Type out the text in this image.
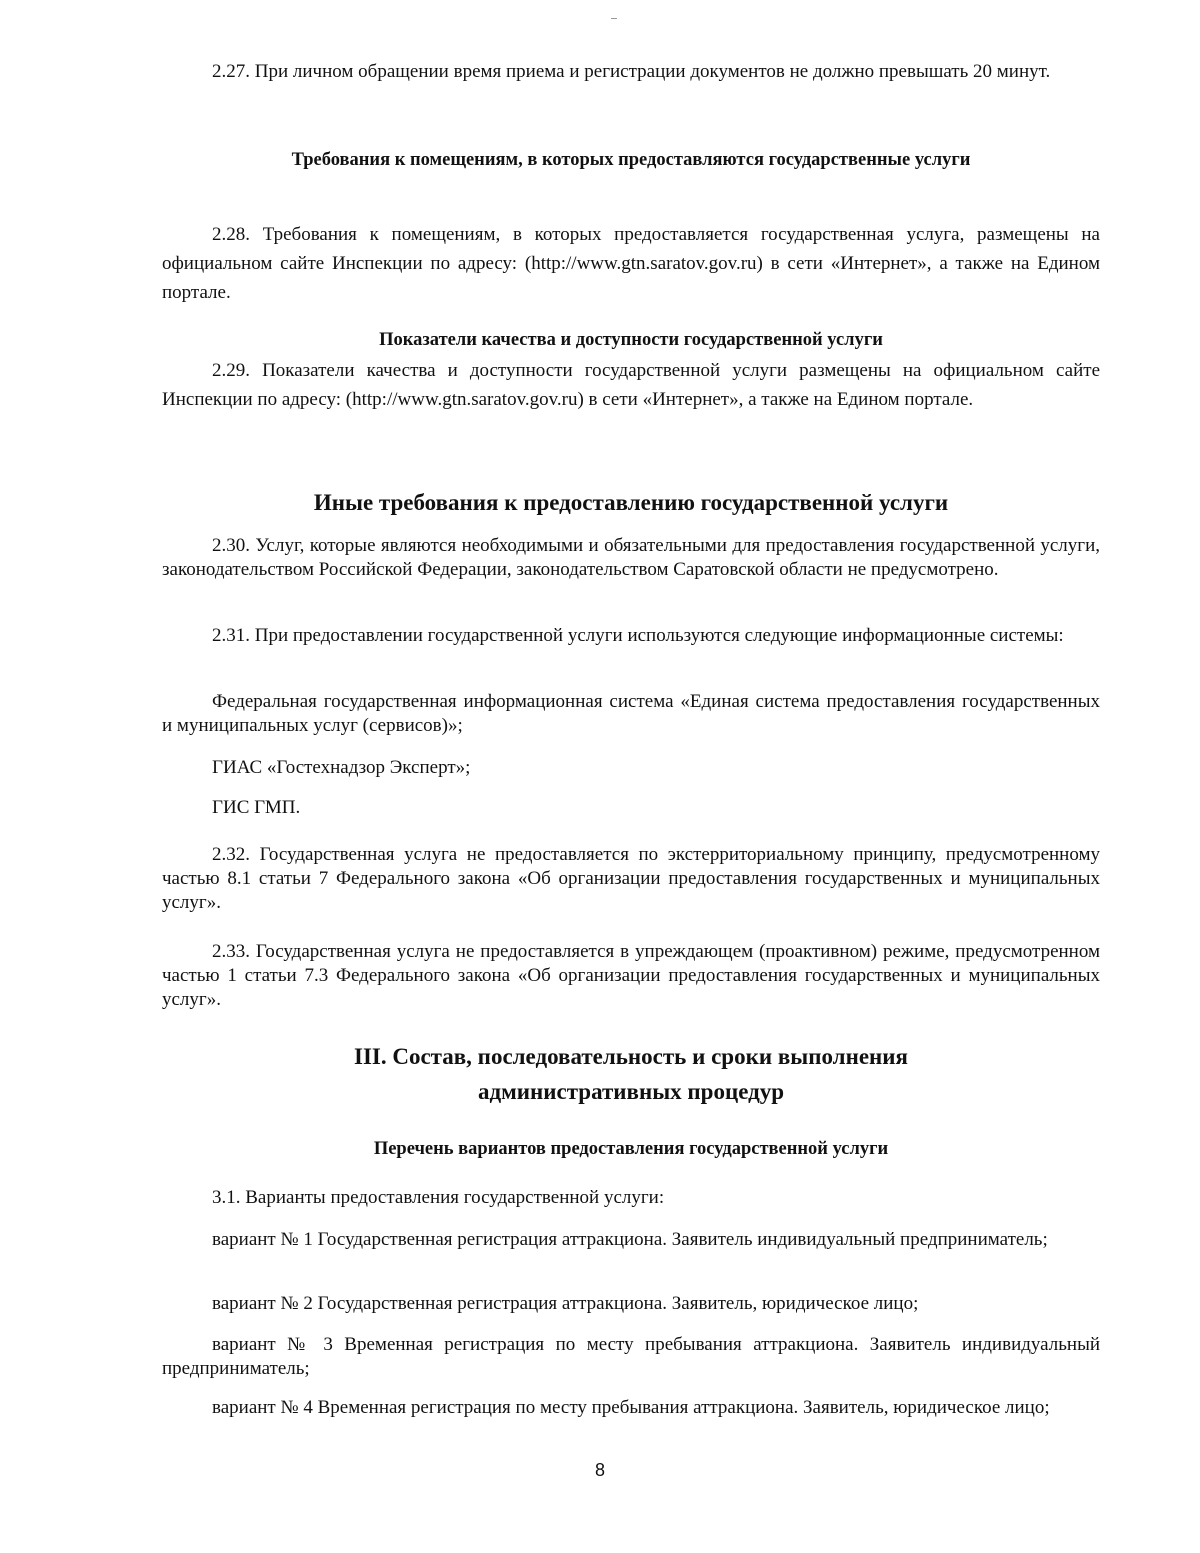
2.27. При личном обращении время приема и регистрации документов не должно превышать 20 минут.

Требования к помещениям, в которых предоставляются государственные услуги

2.28. Требования к помещениям, в которых предоставляется государственная услуга, размещены на официальном сайте Инспекции по адресу: (http://www.gtn.saratov.gov.ru) в сети «Интернет», а также на Едином портале.

Показатели качества и доступности государственной услуги

2.29. Показатели качества и доступности государственной услуги размещены на официальном сайте Инспекции по адресу: (http://www.gtn.saratov.gov.ru) в сети «Интернет», а также на Едином портале.

Иные требования к предоставлению государственной услуги

2.30. Услуг, которые являются необходимыми и обязательными для предоставления государственной услуги, законодательством Российской Федерации, законодательством Саратовской области не предусмотрено.

2.31. При предоставлении государственной услуги используются следующие информационные системы:

Федеральная государственная информационная система «Единая система предоставления государственных и муниципальных услуг (сервисов)»;

ГИАС «Гостехнадзор Эксперт»;

ГИС ГМП.

2.32. Государственная услуга не предоставляется по экстерриториальному принципу, предусмотренному частью 8.1 статьи 7 Федерального закона «Об организации предоставления государственных и муниципальных услуг».

2.33. Государственная услуга не предоставляется в упреждающем (проактивном) режиме, предусмотренном частью 1 статьи 7.3 Федерального закона «Об организации предоставления государственных и муниципальных услуг».

III. Состав, последовательность и сроки выполнения

административных процедур

Перечень вариантов предоставления государственной услуги

3.1. Варианты предоставления государственной услуги:

вариант № 1 Государственная регистрация аттракциона. Заявитель индивидуальный предприниматель;

вариант № 2 Государственная регистрация аттракциона. Заявитель, юридическое лицо;

вариант № 3 Временная регистрация по месту пребывания аттракциона. Заявитель индивидуальный предприниматель;

вариант № 4 Временная регистрация по месту пребывания аттракциона. Заявитель, юридическое лицо;

8
